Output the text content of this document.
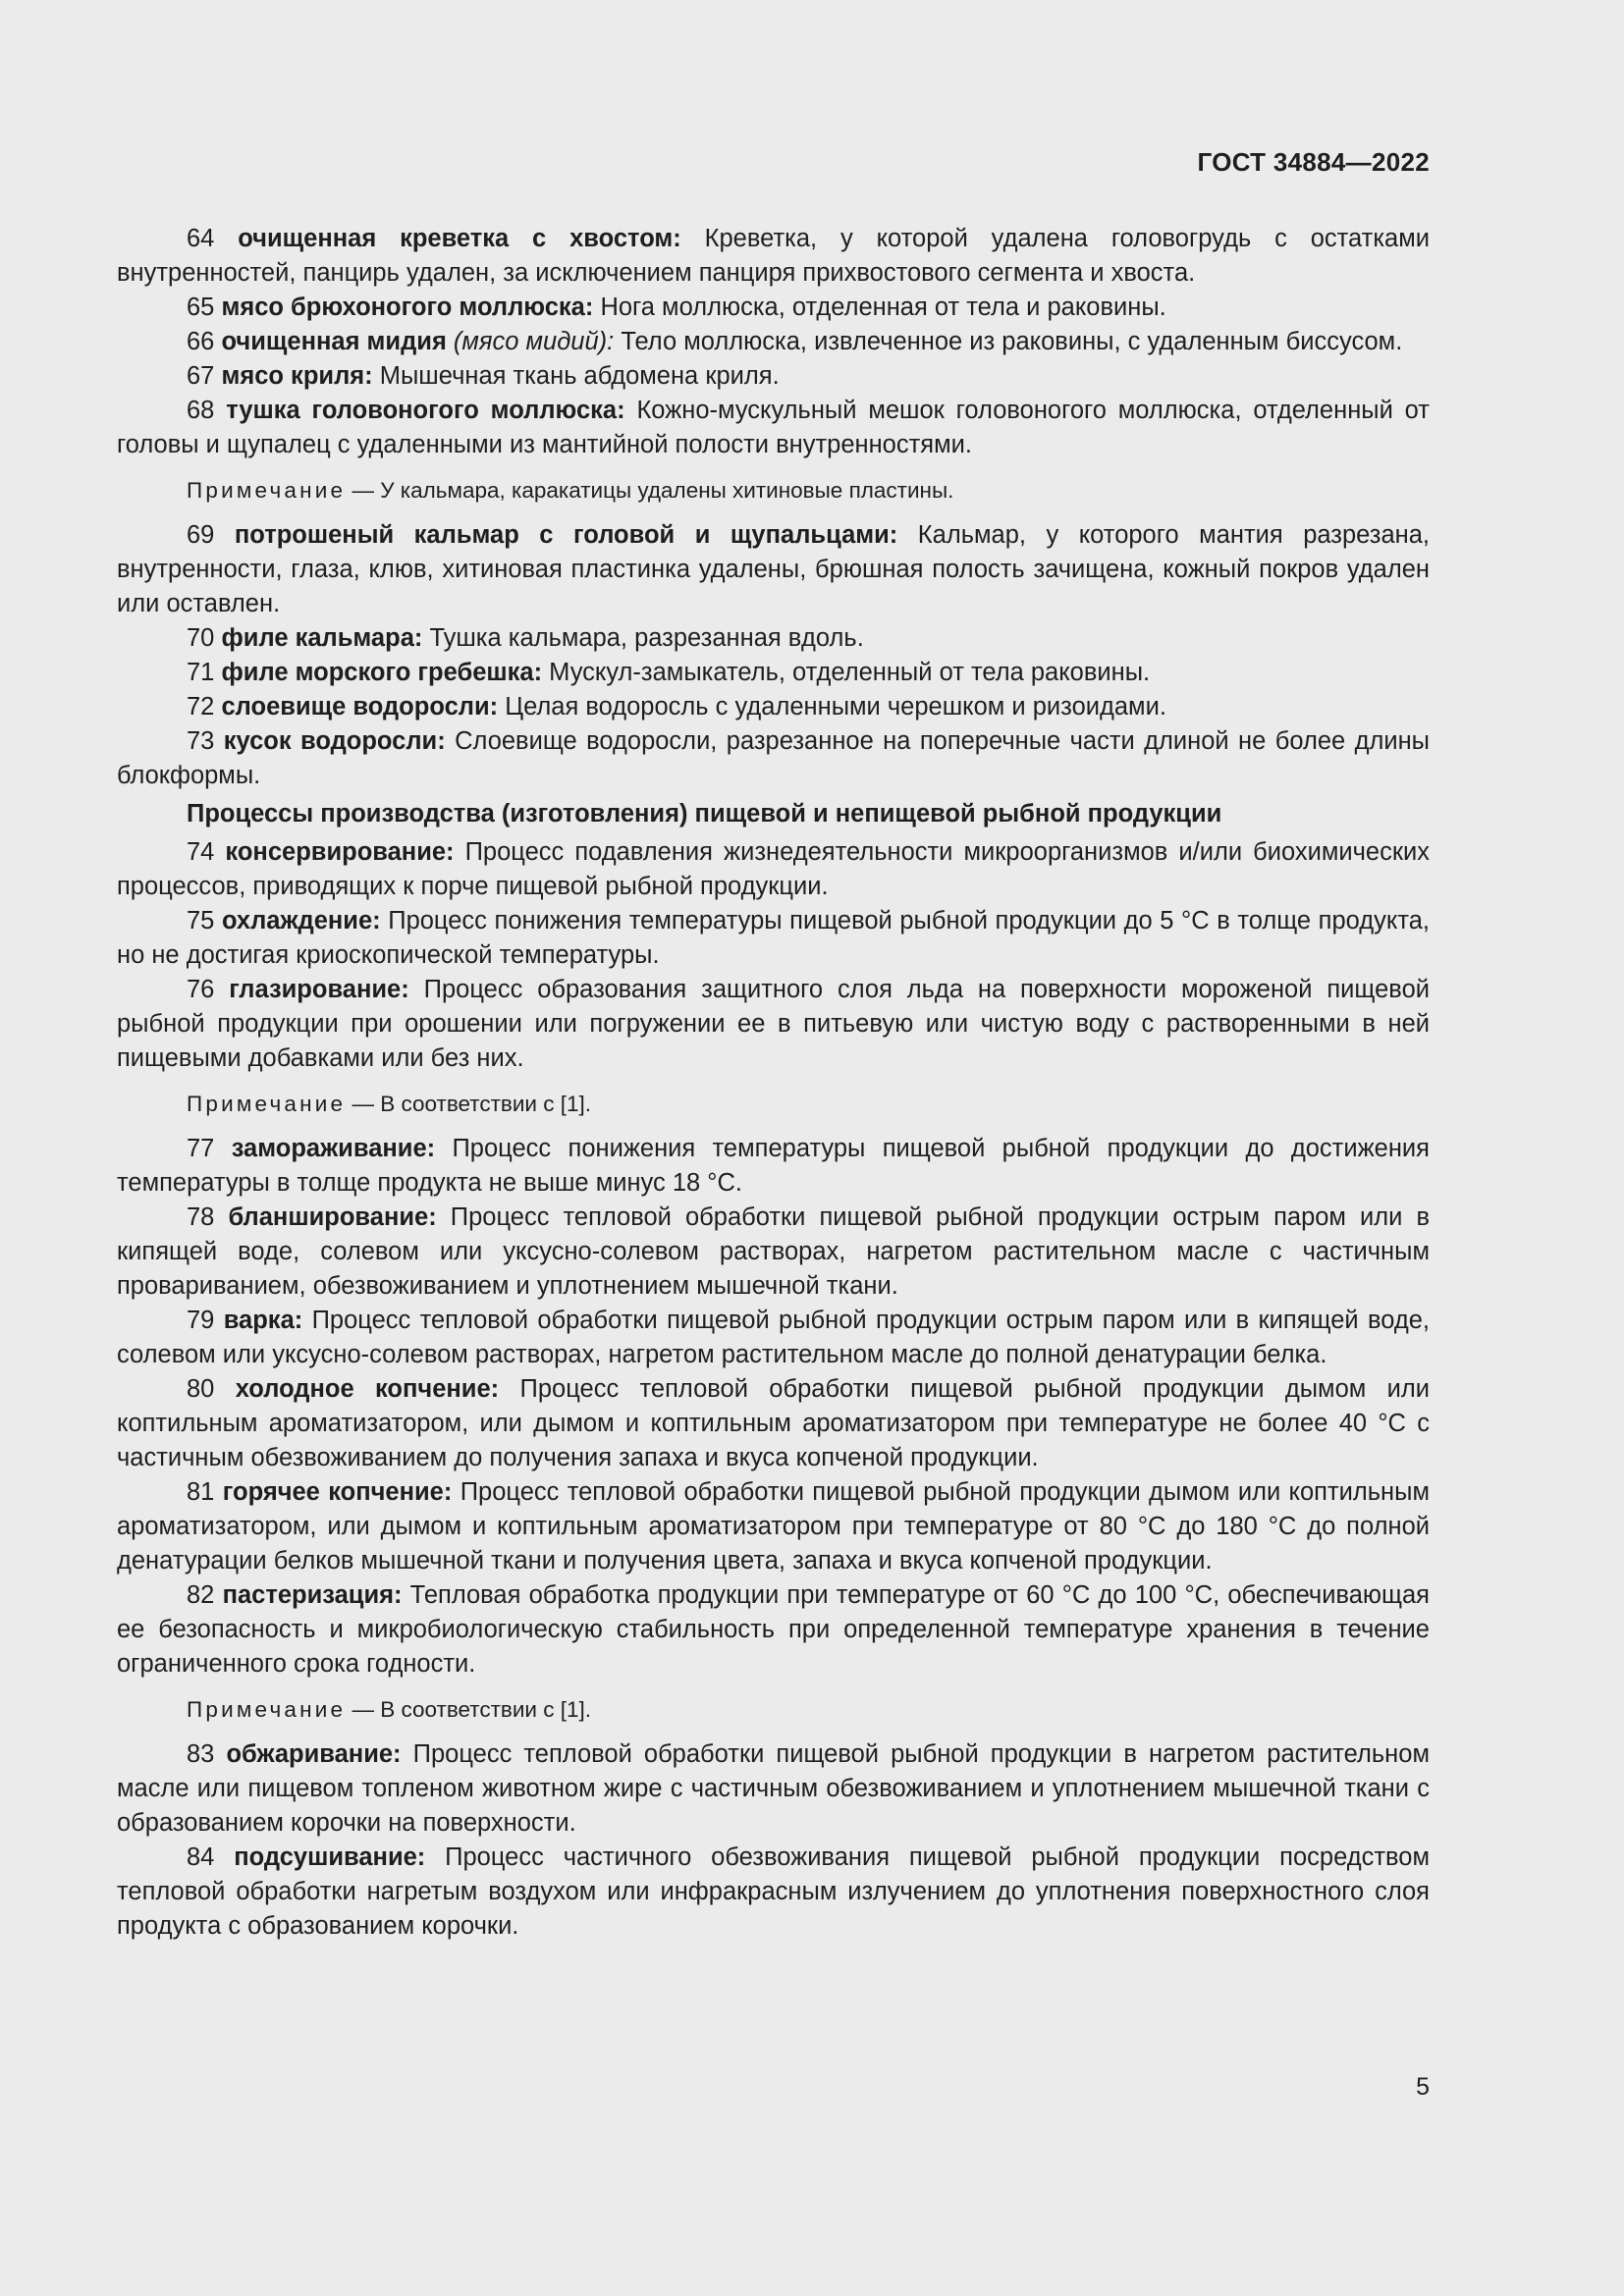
ГОСТ 34884—2022

64 очищенная креветка с хвостом: Креветка, у которой удалена головогрудь с остатками внутренностей, панцирь удален, за исключением панциря прихвостового сегмента и хвоста.

65 мясо брюхоногого моллюска: Нога моллюска, отделенная от тела и раковины.

66 очищенная мидия (мясо мидий): Тело моллюска, извлеченное из раковины, с удаленным биссусом.

67 мясо криля: Мышечная ткань абдомена криля.

68 тушка головоногого моллюска: Кожно-мускульный мешок головоногого моллюска, отделенный от головы и щупалец с удаленными из мантийной полости внутренностями.

Примечание — У кальмара, каракатицы удалены хитиновые пластины.

69 потрошеный кальмар с головой и щупальцами: Кальмар, у которого мантия разрезана, внутренности, глаза, клюв, хитиновая пластинка удалены, брюшная полость зачищена, кожный покров удален или оставлен.

70 филе кальмара: Тушка кальмара, разрезанная вдоль.

71 филе морского гребешка: Мускул-замыкатель, отделенный от тела раковины.

72 слоевище водоросли: Целая водоросль с удаленными черешком и ризоидами.

73 кусок водоросли: Слоевище водоросли, разрезанное на поперечные части длиной не более длины блокформы.

Процессы производства (изготовления) пищевой и непищевой рыбной продукции

74 консервирование: Процесс подавления жизнедеятельности микроорганизмов и/или биохимических процессов, приводящих к порче пищевой рыбной продукции.

75 охлаждение: Процесс понижения температуры пищевой рыбной продукции до 5 °С в толще продукта, но не достигая криоскопической температуры.

76 глазирование: Процесс образования защитного слоя льда на поверхности мороженой пищевой рыбной продукции при орошении или погружении ее в питьевую или чистую воду с растворенными в ней пищевыми добавками или без них.

Примечание — В соответствии с [1].

77 замораживание: Процесс понижения температуры пищевой рыбной продукции до достижения температуры в толще продукта не выше минус 18 °С.

78 бланширование: Процесс тепловой обработки пищевой рыбной продукции острым паром или в кипящей воде, солевом или уксусно-солевом растворах, нагретом растительном масле с частичным провариванием, обезвоживанием и уплотнением мышечной ткани.

79 варка: Процесс тепловой обработки пищевой рыбной продукции острым паром или в кипящей воде, солевом или уксусно-солевом растворах, нагретом растительном масле до полной денатурации белка.

80 холодное копчение: Процесс тепловой обработки пищевой рыбной продукции дымом или коптильным ароматизатором, или дымом и коптильным ароматизатором при температуре не более 40 °С с частичным обезвоживанием до получения запаха и вкуса копченой продукции.

81 горячее копчение: Процесс тепловой обработки пищевой рыбной продукции дымом или коптильным ароматизатором, или дымом и коптильным ароматизатором при температуре от 80 °С до 180 °С до полной денатурации белков мышечной ткани и получения цвета, запаха и вкуса копченой продукции.

82 пастеризация: Тепловая обработка продукции при температуре от 60 °С до 100 °С, обеспечивающая ее безопасность и микробиологическую стабильность при определенной температуре хранения в течение ограниченного срока годности.

Примечание — В соответствии с [1].

83 обжаривание: Процесс тепловой обработки пищевой рыбной продукции в нагретом растительном масле или пищевом топленом животном жире с частичным обезвоживанием и уплотнением мышечной ткани с образованием корочки на поверхности.

84 подсушивание: Процесс частичного обезвоживания пищевой рыбной продукции посредством тепловой обработки нагретым воздухом или инфракрасным излучением до уплотнения поверхностного слоя продукта с образованием корочки.

5
